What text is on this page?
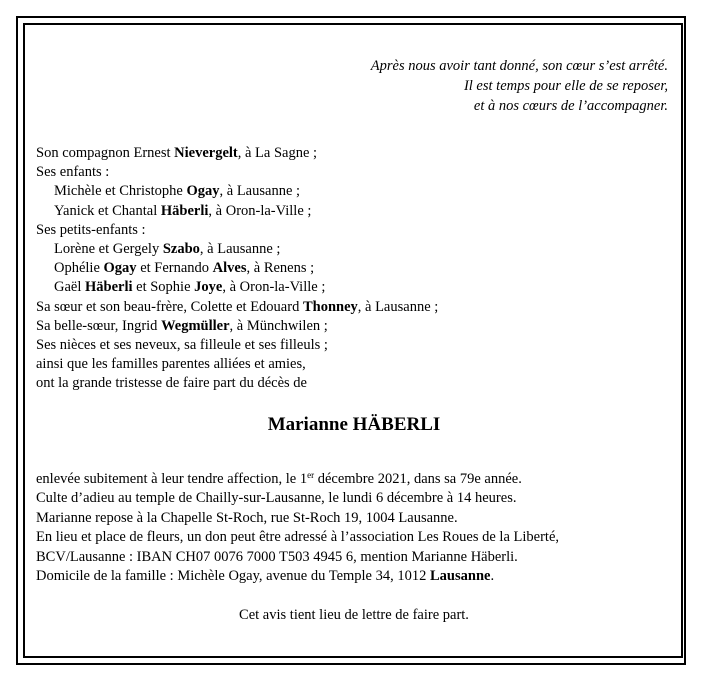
Après nous avoir tant donné, son cœur s’est arrêté.
Il est temps pour elle de se reposer,
et à nos cœurs de l’accompagner.
Son compagnon Ernest Nievergelt, à La Sagne ;
Ses enfants :
Michèle et Christophe Ogay, à Lausanne ;
Yanick et Chantal Häberli, à Oron-la-Ville ;
Ses petits-enfants :
Lorène et Gergely Szabo, à Lausanne ;
Ophélie Ogay et Fernando Alves, à Renens ;
Gaël Häberli et Sophie Joye, à Oron-la-Ville ;
Sa sœur et son beau-frère, Colette et Edouard Thonney, à Lausanne ;
Sa belle-sœur, Ingrid Wegmüller, à Münchwilen ;
Ses nièces et ses neveux, sa filleule et ses filleuls ;
ainsi que les familles parentes alliées et amies,
ont la grande tristesse de faire part du décès de
Marianne HÄBERLI
enlevée subitement à leur tendre affection, le 1er décembre 2021, dans sa 79e année.
Culte d’adieu au temple de Chailly-sur-Lausanne, le lundi 6 décembre à 14 heures.
Marianne repose à la Chapelle St-Roch, rue St-Roch 19, 1004 Lausanne.
En lieu et place de fleurs, un don peut être adressé à l’association Les Roues de la Liberté,
BCV/Lausanne : IBAN CH07 0076 7000 T503 4945 6, mention Marianne Häberli.
Domicile de la famille : Michèle Ogay, avenue du Temple 34, 1012 Lausanne.
Cet avis tient lieu de lettre de faire part.
